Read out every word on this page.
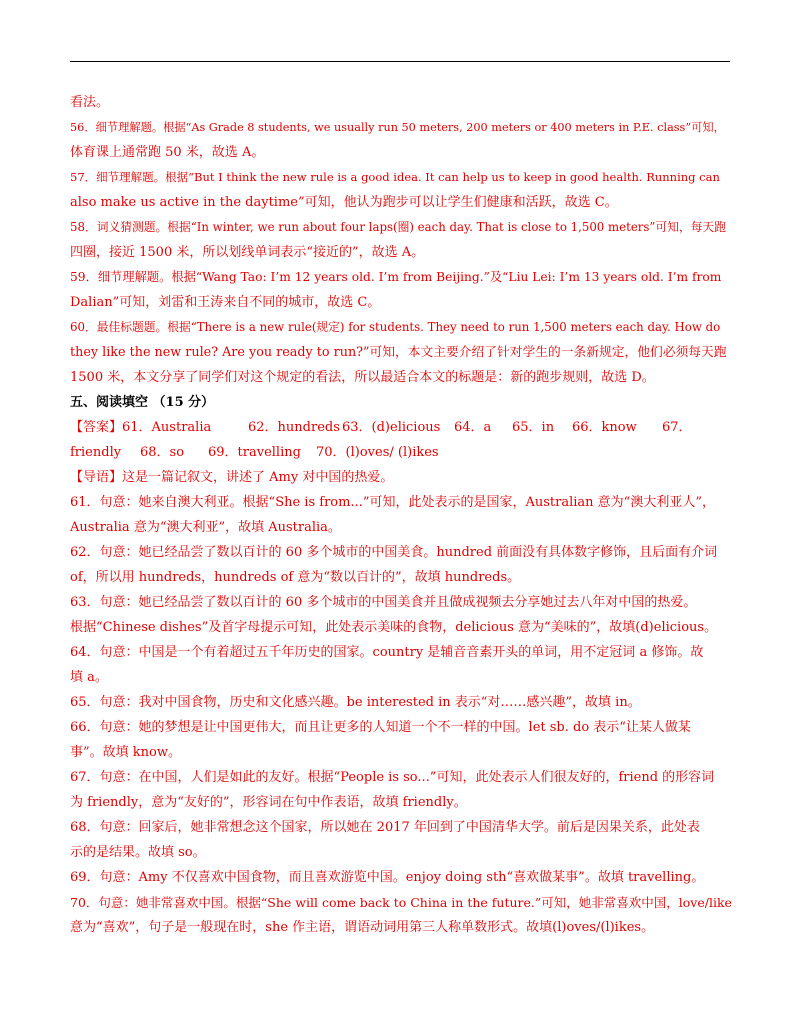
看法。
56．细节理解题。根据“As Grade 8 students, we usually run 50 meters, 200 meters or 400 meters in P.E. class”可知，
体育课上通常跑 50 米，故选 A。
57．细节理解题。根据“But I think the new rule is a good idea. It can help us to keep in good health. Running can
also make us active in the daytime”可知，他认为跑步可以让学生们健康和活跃，故选 C。
58．词义猜测题。根据“In winter, we run about four laps(圈) each day. That is close to 1,500 meters”可知，每天跑
四圈，接近 1500 米，所以划线单词表示“接近的”，故选 A。
59．细节理解题。根据“Wang Tao: I’m 12 years old. I’m from Beijing.”及“Liu Lei: I’m 13 years old. I’m from
Dalian”可知，刘雷和王涛来自不同的城市，故选 C。
60．最佳标题题。根据“There is a new rule(规定) for students. They need to run 1,500 meters each day. How do
they like the new rule? Are you ready to run?”可知，本文主要介绍了针对学生的一条新规定，他们必须每天跑
1500 米，本文分享了同学们对这个规定的看法，所以最适合本文的标题是：新的跑步规则，故选 D。
五、阅读填空 （15 分）
【答案】61．Australia	62．hundreds 63．(d)elicious 64．a 65．in 66．know 67．
friendly 68．so 69．travelling 70．(l)oves/ (l)ikes
【导语】这是一篇记叙文，讲述了 Amy 对中国的热爱。
61．句意：她来自澳大利亚。根据“She is from...”可知，此处表示的是国家，Australian 意为“澳大利亚人”，
Australia 意为“澳大利亚”，故填 Australia。
62．句意：她已经品尝了数以百计的 60 多个城市的中国美食。hundred 前面没有具体数字修饰，且后面有介词
of，所以用 hundreds，hundreds of 意为“数以百计的”，故填 hundreds。
63．句意：她已经品尝了数以百计的 60 多个城市的中国美食并且做成视频去分享她过去八年对中国的热爱。
根据“Chinese dishes”及首字母提示可知，此处表示美味的食物，delicious 意为“美味的”，故填(d)elicious。
64．句意：中国是一个有着超过五千年历史的国家。country 是辅音音素开头的单词，用不定冠词 a 修饰。故
填 a。
65．句意：我对中国食物，历史和文化感兴趣。be interested in 表示“对……感兴趣”，故填 in。
66．句意：她的梦想是让中国更伟大，而且让更多的人知道一个不一样的中国。let sb. do 表示“让某人做某
事”。故填 know。
67．句意：在中国，人们是如此的友好。根据“People is so...”可知，此处表示人们很友好的，friend 的形容词
为 friendly，意为“友好的”，形容词在句中作表语，故填 friendly。
68．句意：回家后，她非常想念这个国家，所以她在 2017 年回到了中国清华大学。前后是因果关系，此处表
示的是结果。故填 so。
69．句意：Amy 不仅喜欢中国食物，而且喜欢游览中国。enjoy doing sth“喜欢做某事”。故填 travelling。
70．句意：她非常喜欢中国。根据“She will come back to China in the future.”可知，她非常喜欢中国，love/like
意为“喜欢”，句子是一般现在时，she 作主语，谓语动词用第三人称单数形式。故填(l)oves/(l)ikes。
